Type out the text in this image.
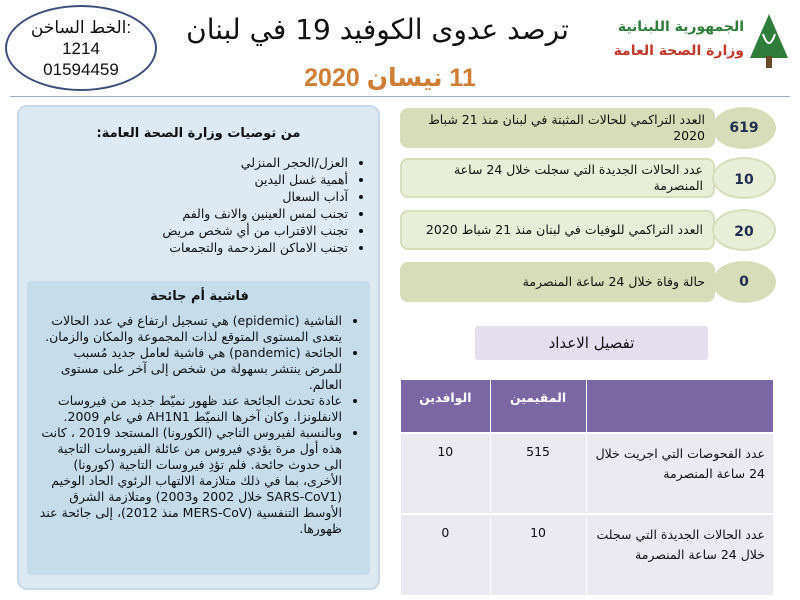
الخط الساخن:
1214
01594459
ترصد عدوى الكوفيد 19 في لبنان
11 نيسان 2020
الجمهورية اللبنانية
وزارة الصحة العامة
من توصيات وزارة الصحة العامة:
• العزل/الحجر المنزلي
• أهمية غسل اليدين
• آداب السعال
• تجنب لمس العينين والانف والفم
• تجنب الاقتراب من أي شخص مريض
• تجنب الاماكن المزدحمة والتجمعات
فاشية أم جائحة
• الفاشية (epidemic) هي تسجيل ارتفاع في عدد الحالات يتعدى المستوى المتوقع لذات المجموعة والمكان والزمان.
• الجائحة (pandemic) هي فاشية لعامل جديد مُسبب للمرض ينتشر بسهولة من شخص إلى آخر على مستوى العالم.
• عادة تحدث الجائحة عند ظهور نميّط جديد من فيروسات الانفلونزا. وكان آخرها النميّط AH1N1 في عام 2009.
• وبالنسبة لفيروس التاجي (الكورونا) المستجد 2019 ، كانت هذه أول مرة يؤدي فيروس من عائلة الفيروسات التاجية الى حدوث جائحة. فلم تؤدِ فيروسات التاجية (كورونا) الأخرى، بما في ذلك متلازمة الالتهاب الرئوي الحاد الوخيم (SARS-CoV1 خلال 2002 و2003) ومتلازمة الشرق الأوسط التنفسية (MERS-CoV منذ 2012)، إلى جائحة عند ظهورها.
العدد التراكمي للحالات المثبتة في لبنان منذ 21 شباط 2020	619
عدد الحالات الجديدة التي سجلت خلال 24 ساعة المنصرمة	10
العدد التراكمي للوفيات في لبنان منذ 21 شباط 2020	20
حالة وفاة خلال 24 ساعة المنصرمة	0
تفصيل الاعداد
	المقيمين	الوافدين
عدد الفحوصات التي اجريت خلال 24 ساعة المنصرمة	515	10
عدد الحالات الجديدة التي سجلت خلال 24 ساعة المنصرمة	10	0
